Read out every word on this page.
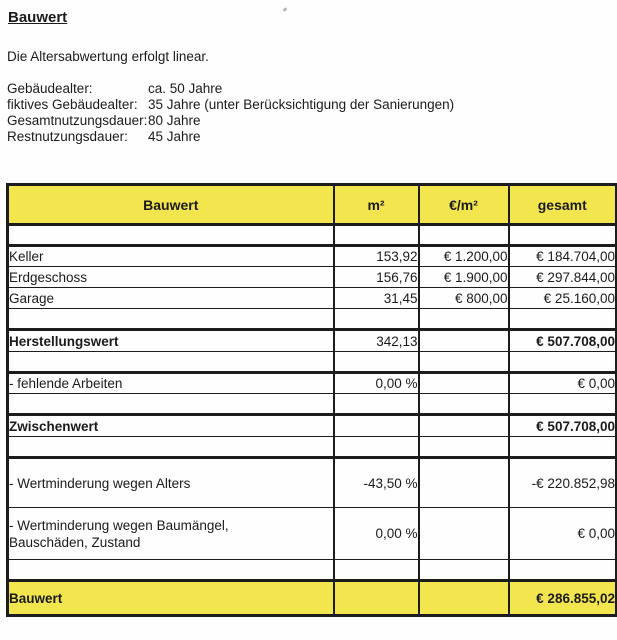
Bauwert
Die Altersabwertung erfolgt linear.
Gebäudealter:	ca. 50 Jahre
fiktives Gebäudealter: 35 Jahre (unter Berücksichtigung der Sanierungen)
Gesamtnutzungsdauer: 80 Jahre
Restnutzungsdauer:	45 Jahre
Bauwert	m²	€/m²	gesamt

Keller	153,92	€ 1.200,00	€ 184.704,00
Erdgeschoss	156,76	€ 1.900,00	€ 297.844,00
Garage	31,45	€ 800,00	€ 25.160,00

Herstellungswert	342,13		€ 507.708,00

- fehlende Arbeiten	0,00 %		€ 0,00

Zwischenwert			€ 507.708,00

- Wertminderung wegen Alters	-43,50 %		-€ 220.852,98

- Wertminderung wegen Baumängel,
Bauschäden, Zustand	0,00 %		€ 0,00

Bauwert			€ 286.855,02
